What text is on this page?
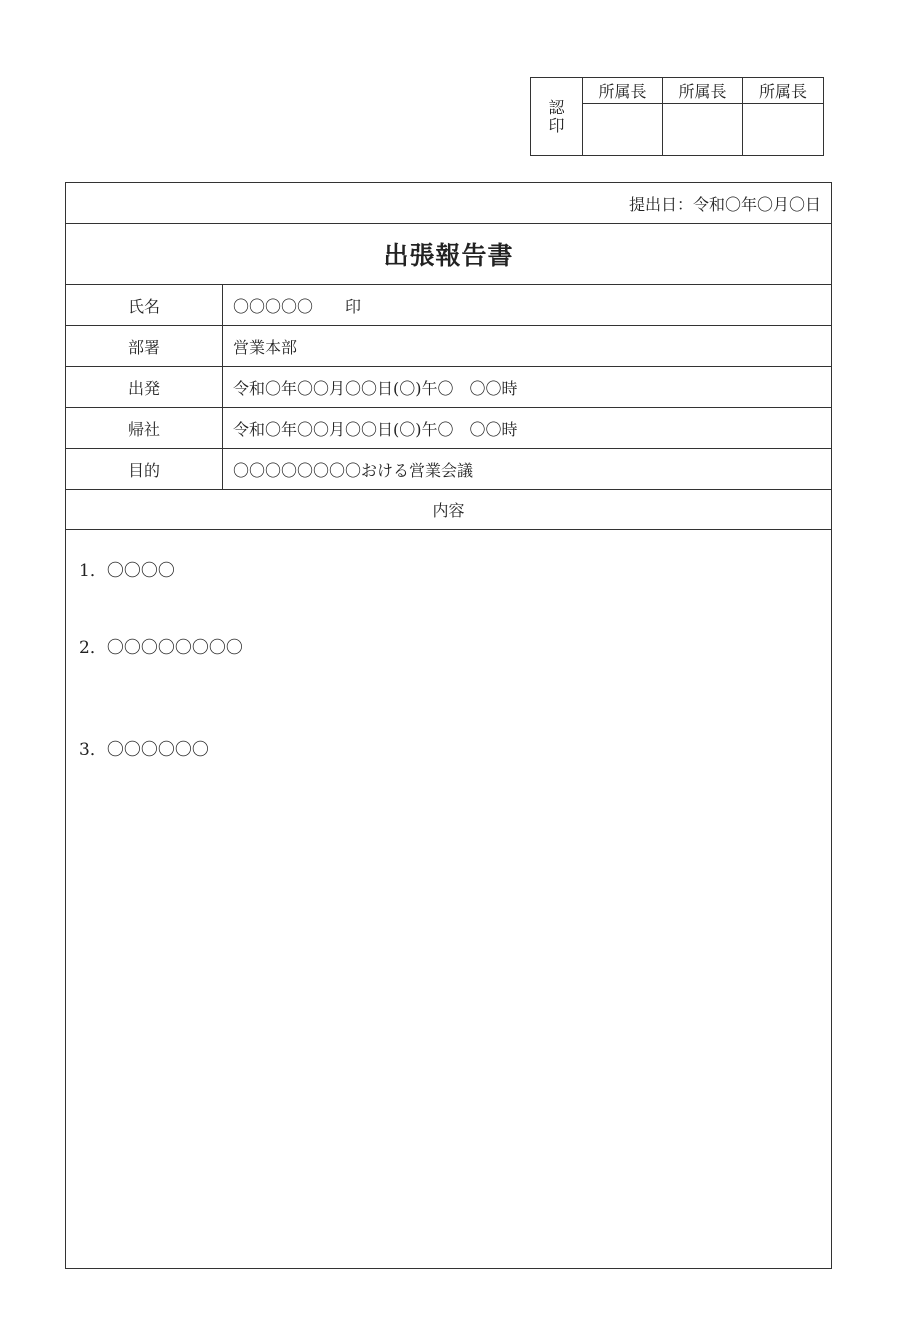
認
印
所属長	所属長	所属長
提出日：令和〇年〇月〇日
出張報告書
氏名	〇〇〇〇〇　　印
部署	営業本部
出発	令和〇年〇〇月〇〇日(〇)午〇　〇〇時
帰社	令和〇年〇〇月〇〇日(〇)午〇　〇〇時
目的	〇〇〇〇〇〇〇〇おける営業会議
内容
1．〇〇〇〇
2．〇〇〇〇〇〇〇〇
3．〇〇〇〇〇〇
